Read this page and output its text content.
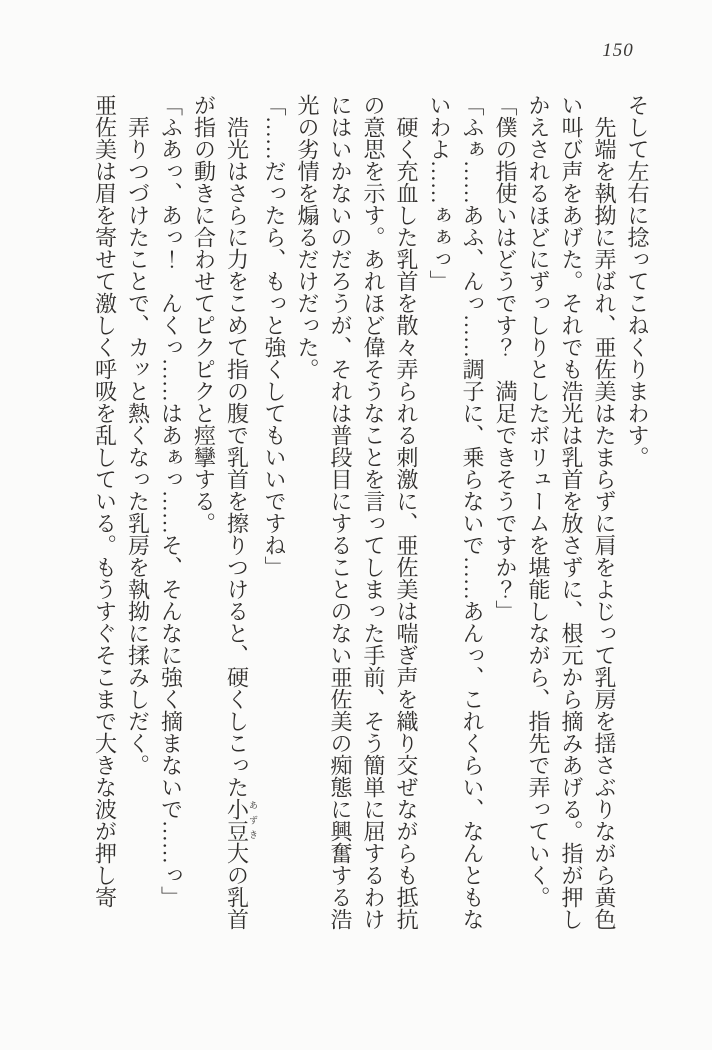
150

そして左右に捻ってこねくりまわす。

　先端を執拗に弄ばれ、亜佐美はたまらずに肩をよじって乳房を揺さぶりながら黄色

い叫び声をあげた。それでも浩光は乳首を放さずに、根元から摘みあげる。指が押し

かえされるほどにずっしりとしたボリュームを堪能しながら、指先で弄っていく。

「僕の指使いはどうです？　満足できそうですか？」

「ふぁ……あふ、んっ……調子に、乗らないで……あんっ、これくらい、なんともな

いわよ……ぁぁっ」

　硬く充血した乳首を散々弄られる刺激に、亜佐美は喘ぎ声を織り交ぜながらも抵抗

の意思を示す。あれほど偉そうなことを言ってしまった手前、そう簡単に屈するわけ

にはいかないのだろうが、それは普段目にすることのない亜佐美の痴態に興奮する浩

光の劣情を煽るだけだった。

「……だったら、もっと強くしてもいいですね」

　浩光はさらに力をこめて指の腹で乳首を擦りつけると、硬くしこった小豆あずき大の乳首

が指の動きに合わせてピクピクと痙攣する。

「ふあっ、あっ！　んくっ……はあぁっ……そ、そんなに強く摘まないで……っ」

　弄りつづけたことで、カッと熱くなった乳房を執拗に揉みしだく。

亜佐美は眉を寄せて激しく呼吸を乱している。もうすぐそこまで大きな波が押し寄
